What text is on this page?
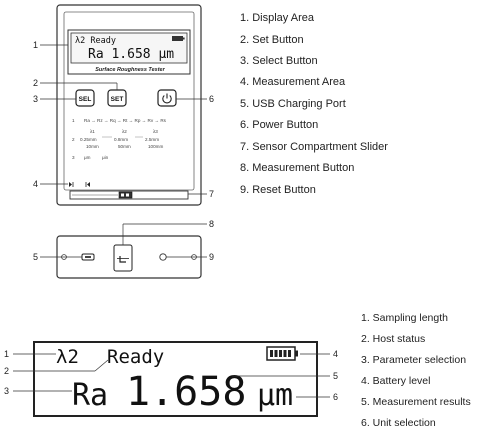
λ2 Ready
Ra 1.658 μm
Surface Roughness Tester
SEL	SET
1 Ra → Rz → Rq → Rt → Rp → Rv → Rs
λ1	λ2	λ3
2 0.25mm	0.8mm	2.5mm
10mm	50mm	100mm
3 μm	μin
1
2
3
4
5
6
7
8
9
λ2 Ready
Ra 1.658 μm
1
2
3
4
5
6
1. Display Area
2. Set Button
3. Select Button
4. Measurement Area
5. USB Charging Port
6. Power Button
7. Sensor Compartment Slider
8. Measurement Button
9. Reset Button
1. Sampling length
2. Host status
3. Parameter selection
4. Battery level
5. Measurement results
6. Unit selection
